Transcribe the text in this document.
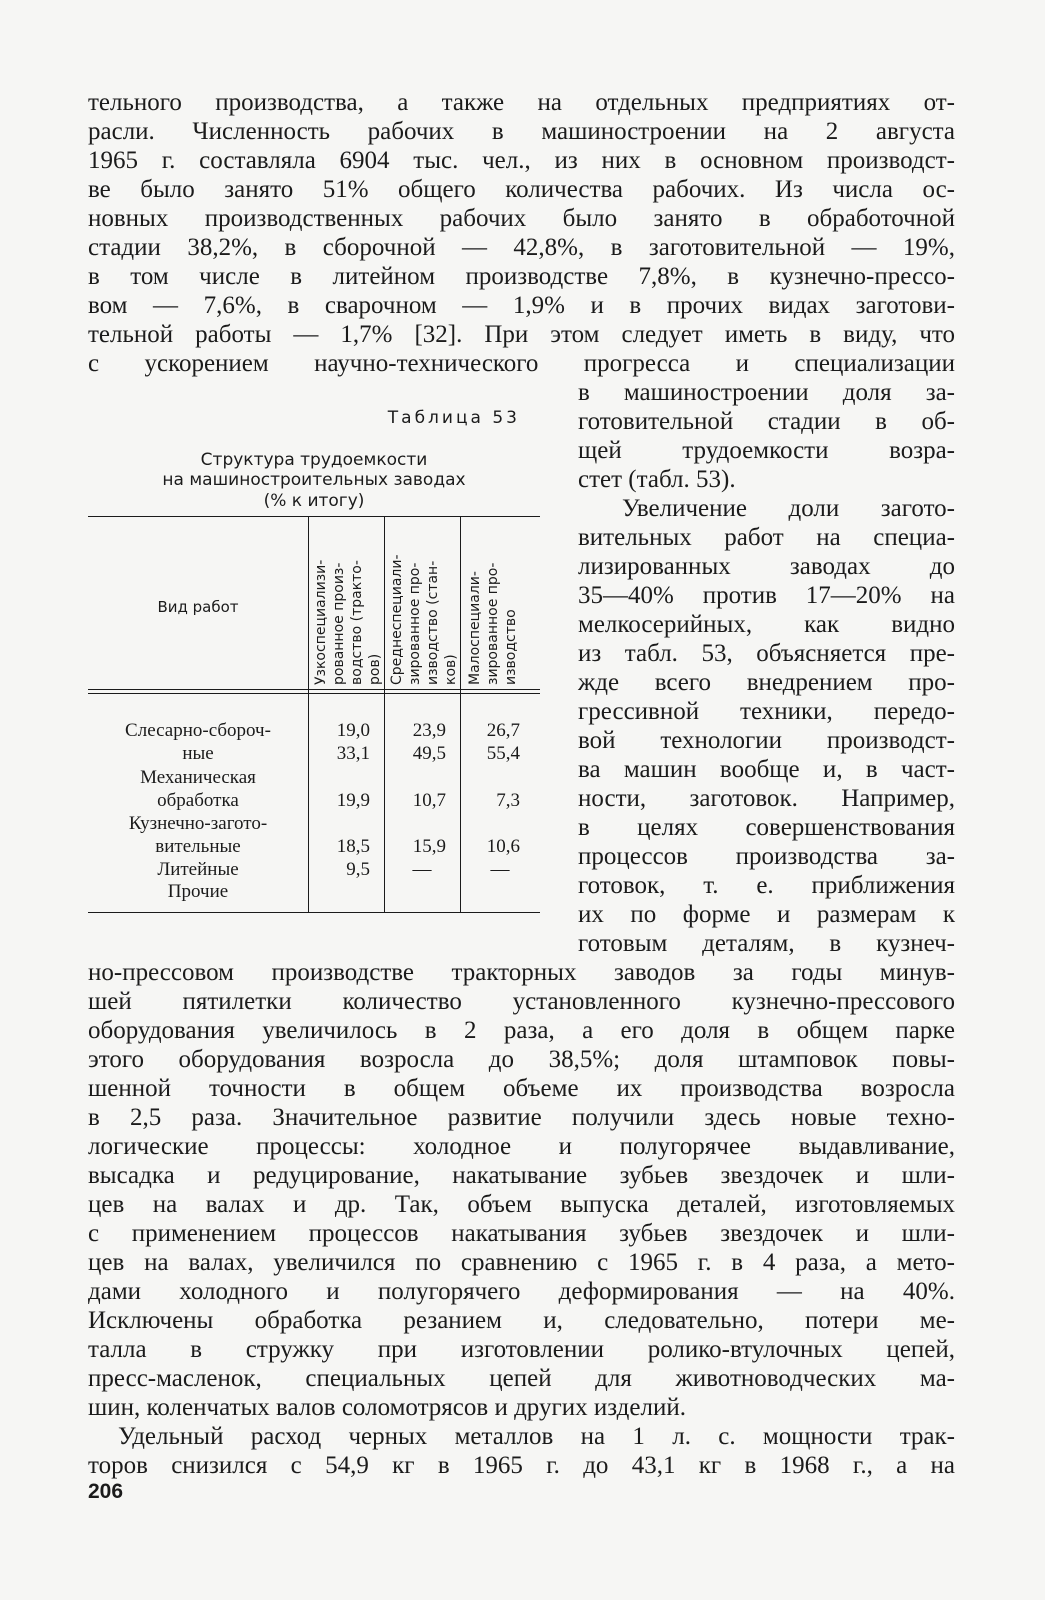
тельного производства, а также на отдельных предприятиях от-
расли. Численность рабочих в машиностроении на 2 августа
1965 г. составляла 6904 тыс. чел., из них в основном производст-
ве было занято 51% общего количества рабочих. Из числа ос-
новных производственных рабочих было занято в обработочной
стадии 38,2%, в сборочной — 42,8%, в заготовительной — 19%,
в том числе в литейном производстве 7,8%, в кузнечно-прессо-
вом — 7,6%, в сварочном — 1,9% и в прочих видах заготови-
тельной работы — 1,7% [32]. При этом следует иметь в виду, что
с ускорением научно-технического прогресса и специализации
в машиностроении доля за-
готовительной стадии в об-
щей трудоемкости возра-
стет (табл. 53).
Увеличение доли загото-
вительных работ на специа-
лизированных заводах до
35—40% против 17—20% на
мелкосерийных, как видно
из табл. 53, объясняется пре-
жде всего внедрением про-
грессивной техники, передо-
вой технологии производст-
ва машин вообще и, в част-
ности, заготовок. Например,
в целях совершенствования
процессов производства за-
готовок, т. е. приближения
их по форме и размерам к
готовым деталям, в кузнеч-
Таблица 53
Структура трудоемкости
на машиностроительных заводах
(% к итогу)
Вид работ	Узкоспециализи- рованное произ- водство (тракто- ров) Среднеспециали- зированное про- изводство (стан- ков) Малоспециали- зированное про- изводство
Слесарно-сбороч-
ные
Механическая
обработка
Кузнечно-загото-
вительные
Литейные
Прочие
19,0
33,1
19,9
18,5
9,5
23,9
49,5
10,7
15,9
—
26,7
55,4
7,3
10,6
—
но-прессовом производстве тракторных заводов за годы минув-
шей пятилетки количество установленного кузнечно-прессового
оборудования увеличилось в 2 раза, а его доля в общем парке
этого оборудования возросла до 38,5%; доля штамповок повы-
шенной точности в общем объеме их производства возросла
в 2,5 раза. Значительное развитие получили здесь новые техно-
логические процессы: холодное и полугорячее выдавливание,
высадка и редуцирование, накатывание зубьев звездочек и шли-
цев на валах и др. Так, объем выпуска деталей, изготовляемых
с применением процессов накатывания зубьев звездочек и шли-
цев на валах, увеличился по сравнению с 1965 г. в 4 раза, а мето-
дами холодного и полугорячего деформирования — на 40%.
Исключены обработка резанием и, следовательно, потери ме-
талла в стружку при изготовлении ролико-втулочных цепей,
пресс-масленок, специальных цепей для животноводческих ма-
шин, коленчатых валов соломотрясов и других изделий.
Удельный расход черных металлов на 1 л. с. мощности трак-
торов снизился с 54,9 кг в 1965 г. до 43,1 кг в 1968 г., а на
206
